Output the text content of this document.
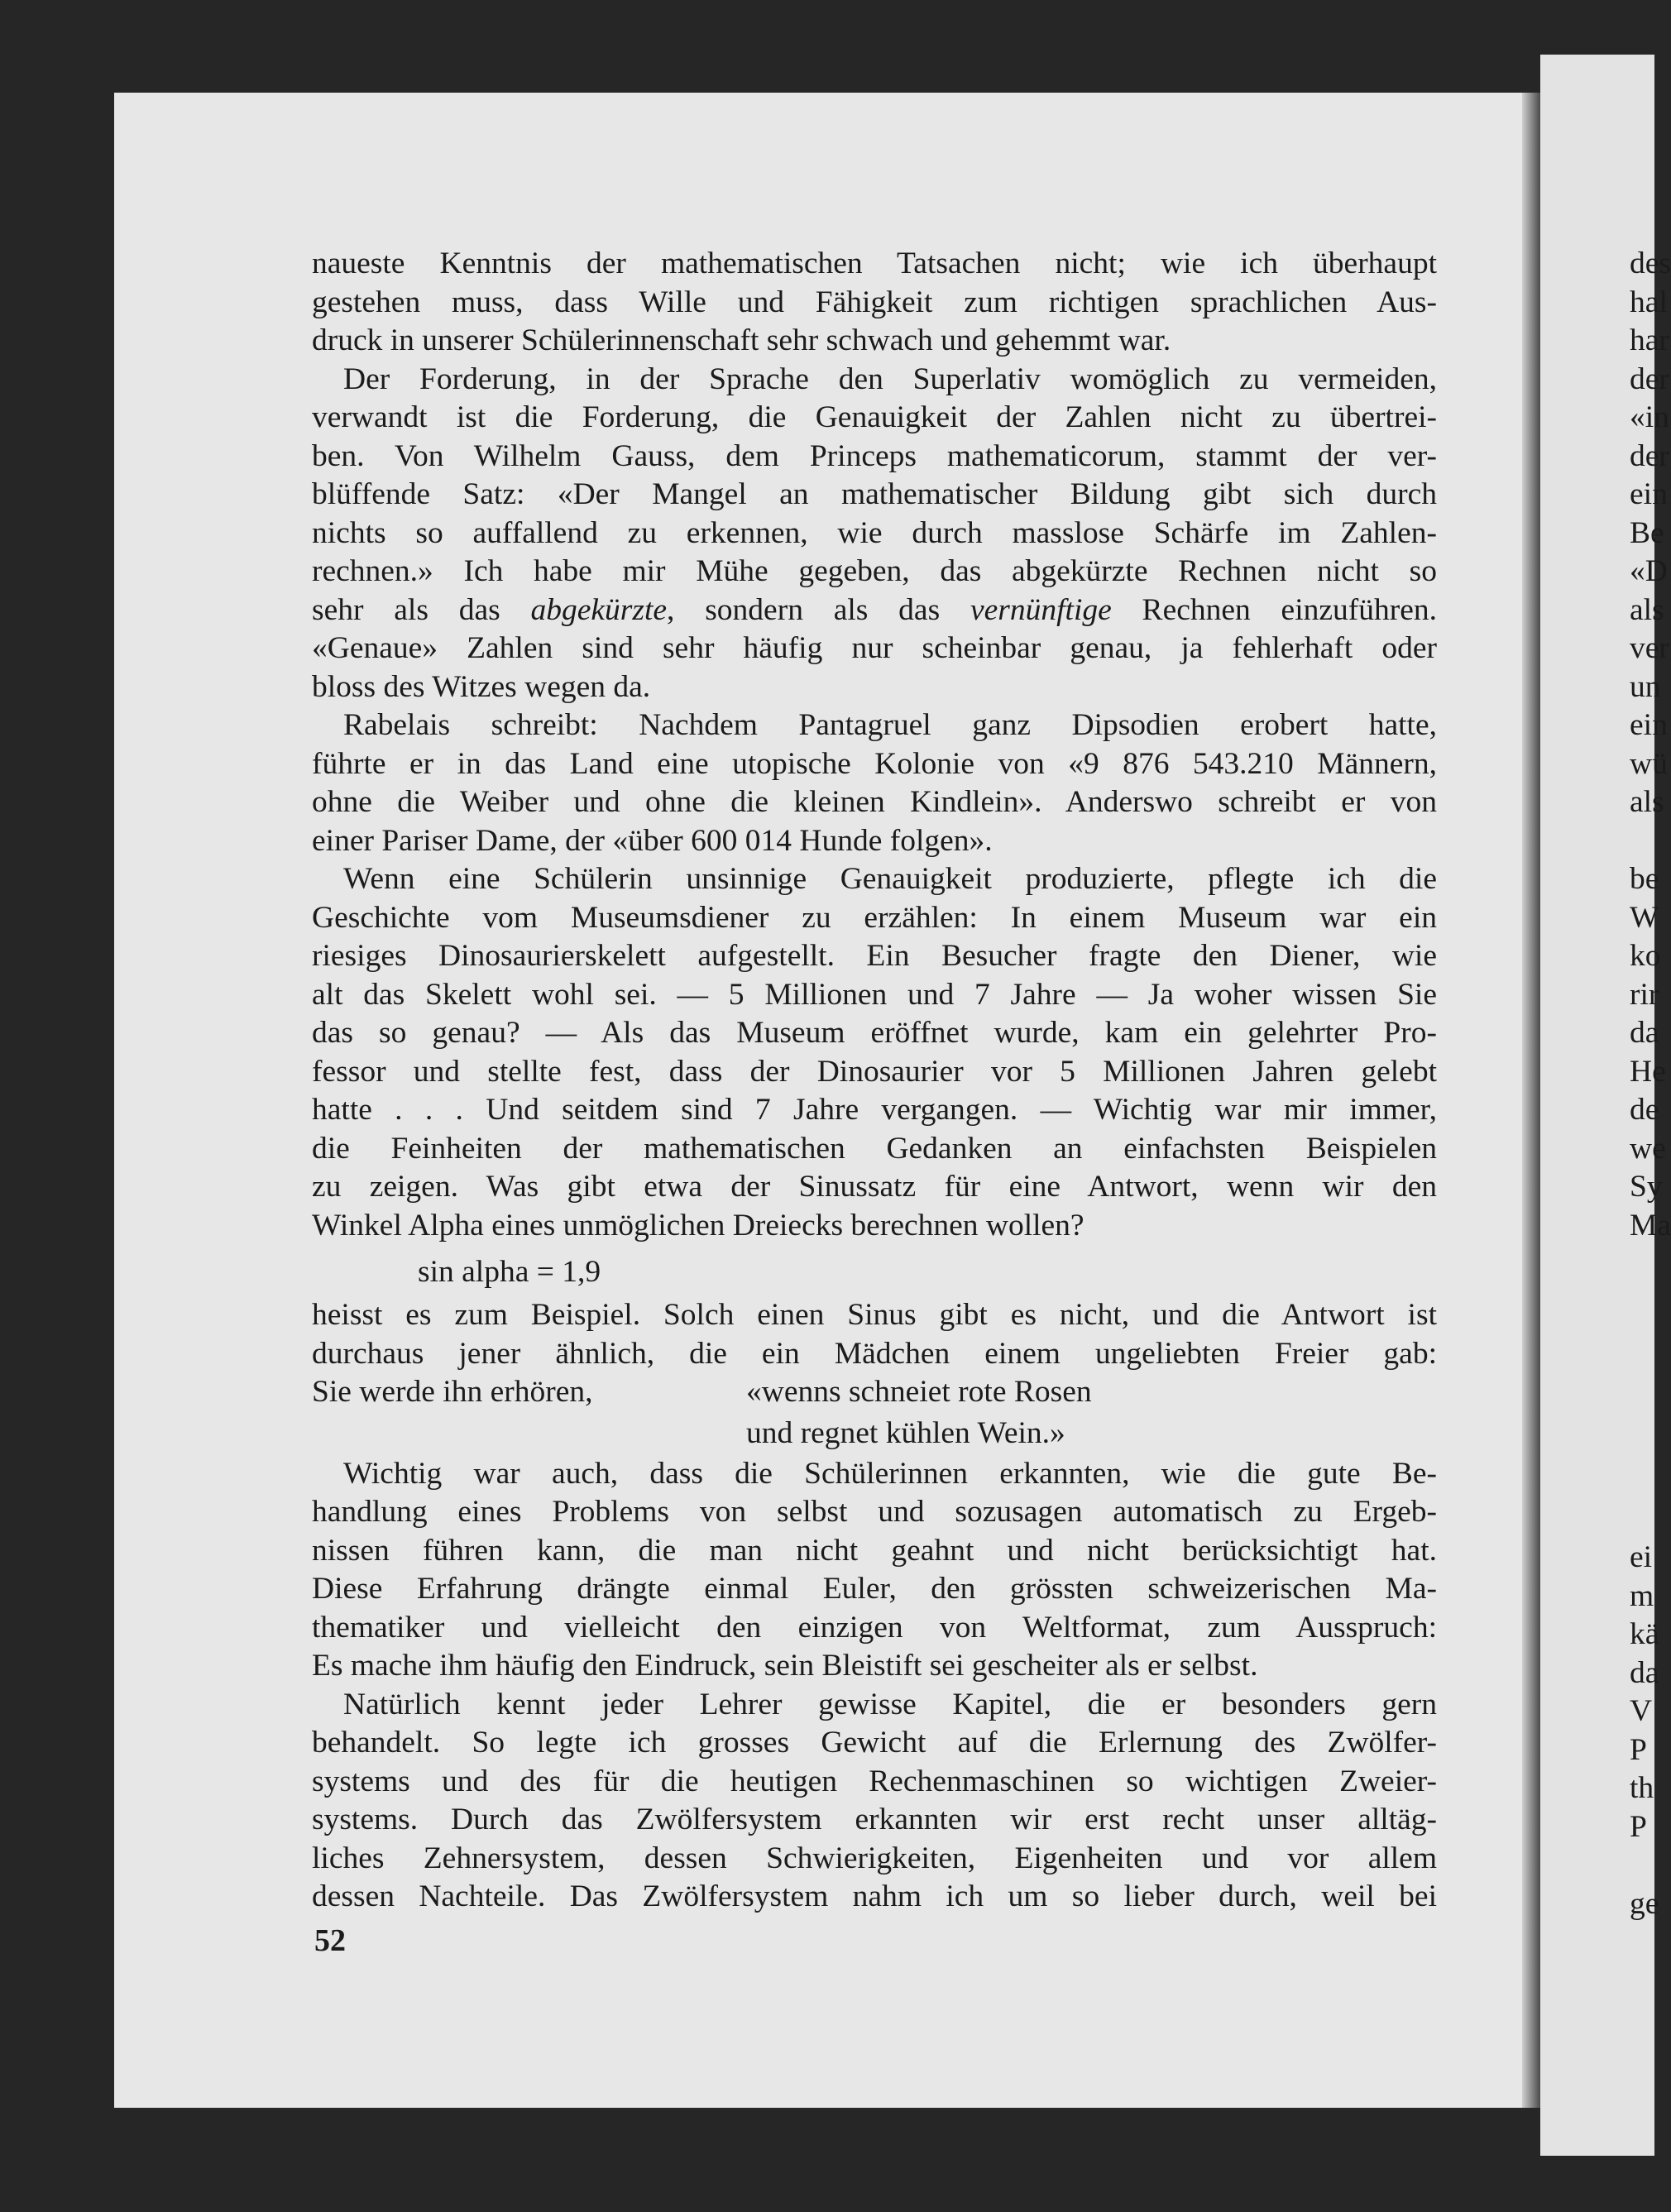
naueste Kenntnis der mathematischen Tatsachen nicht; wie ich überhaupt
gestehen muss, dass Wille und Fähigkeit zum richtigen sprachlichen Aus-
druck in unserer Schülerinnenschaft sehr schwach und gehemmt war.
Der Forderung, in der Sprache den Superlativ womöglich zu vermeiden,
verwandt ist die Forderung, die Genauigkeit der Zahlen nicht zu übertrei-
ben. Von Wilhelm Gauss, dem Princeps mathematicorum, stammt der ver-
blüffende Satz: «Der Mangel an mathematischer Bildung gibt sich durch
nichts so auffallend zu erkennen, wie durch masslose Schärfe im Zahlen-
rechnen.» Ich habe mir Mühe gegeben, das abgekürzte Rechnen nicht so
sehr als das abgekürzte, sondern als das vernünftige Rechnen einzuführen.
«Genaue» Zahlen sind sehr häufig nur scheinbar genau, ja fehlerhaft oder
bloss des Witzes wegen da.
Rabelais schreibt: Nachdem Pantagruel ganz Dipsodien erobert hatte,
führte er in das Land eine utopische Kolonie von «9 876 543.210 Männern,
ohne die Weiber und ohne die kleinen Kindlein». Anderswo schreibt er von
einer Pariser Dame, der «über 600 014 Hunde folgen».
Wenn eine Schülerin unsinnige Genauigkeit produzierte, pflegte ich die
Geschichte vom Museumsdiener zu erzählen: In einem Museum war ein
riesiges Dinosaurierskelett aufgestellt. Ein Besucher fragte den Diener, wie
alt das Skelett wohl sei. — 5 Millionen und 7 Jahre — Ja woher wissen Sie
das so genau? — Als das Museum eröffnet wurde, kam ein gelehrter Pro-
fessor und stellte fest, dass der Dinosaurier vor 5 Millionen Jahren gelebt
hatte . . . Und seitdem sind 7 Jahre vergangen. — Wichtig war mir immer,
die Feinheiten der mathematischen Gedanken an einfachsten Beispielen
zu zeigen. Was gibt etwa der Sinussatz für eine Antwort, wenn wir den
Winkel Alpha eines unmöglichen Dreiecks berechnen wollen?
sin alpha = 1,9
heisst es zum Beispiel. Solch einen Sinus gibt es nicht, und die Antwort ist
durchaus jener ähnlich, die ein Mädchen einem ungeliebten Freier gab:
Sie werde ihn erhören,	«wenns schneiet rote Rosen
und regnet kühlen Wein.»
Wichtig war auch, dass die Schülerinnen erkannten, wie die gute Be-
handlung eines Problems von selbst und sozusagen automatisch zu Ergeb-
nissen führen kann, die man nicht geahnt und nicht berücksichtigt hat.
Diese Erfahrung drängte einmal Euler, den grössten schweizerischen Ma-
thematiker und vielleicht den einzigen von Weltformat, zum Ausspruch:
Es mache ihm häufig den Eindruck, sein Bleistift sei gescheiter als er selbst.
Natürlich kennt jeder Lehrer gewisse Kapitel, die er besonders gern
behandelt. So legte ich grosses Gewicht auf die Erlernung des Zwölfer-
systems und des für die heutigen Rechenmaschinen so wichtigen Zweier-
systems. Durch das Zwölfersystem erkannten wir erst recht unser alltäg-
liches Zehnersystem, dessen Schwierigkeiten, Eigenheiten und vor allem
dessen Nachteile. Das Zwölfersystem nahm ich um so lieber durch, weil bei
52
des
hal
har
der
«in
der
ein
Be
«D
als
ver
un
ein
wü
als
be
W
ko
rir
da
He
de
we
Sy
Ma
ei
m
kä
da
V
P
th
P
ge
